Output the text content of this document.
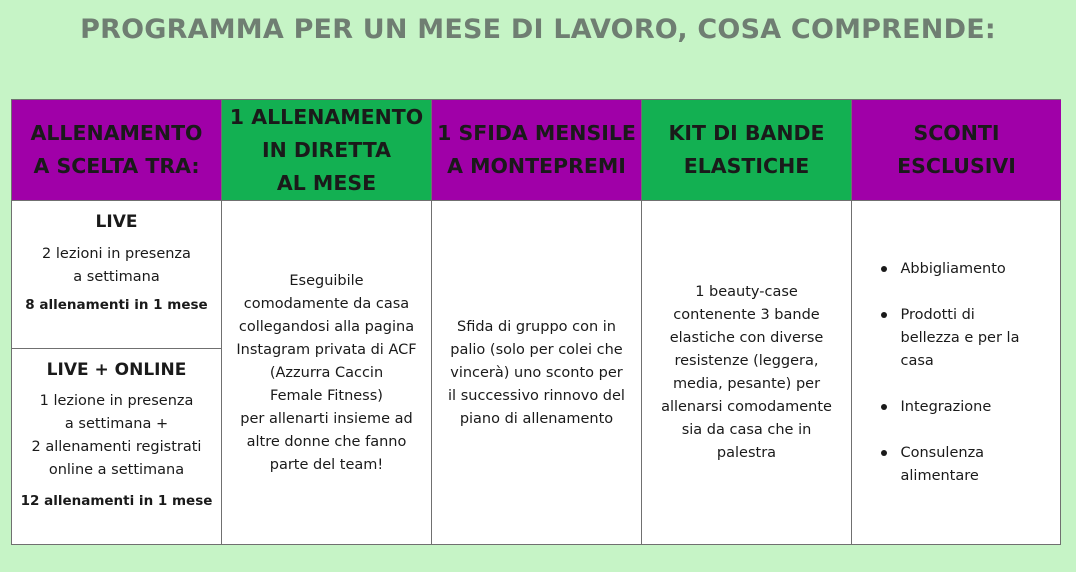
PROGRAMMA PER UN MESE DI LAVORO, COSA COMPRENDE:
ALLENAMENTO
A SCELTA TRA:
1 ALLENAMENTO
IN DIRETTA
AL MESE
1 SFIDA MENSILE
A MONTEPREMI
KIT DI BANDE
ELASTICHE
SCONTI
ESCLUSIVI
LIVE
2 lezioni in presenza
a settimana
8 allenamenti in 1 mese
LIVE + ONLINE
1 lezione in presenza
a settimana +
2 allenamenti registrati
online a settimana
12 allenamenti in 1 mese
Eseguibile
comodamente da casa
collegandosi alla pagina
Instagram privata di ACF
(Azzurra Caccin
Female Fitness)
per allenarti insieme ad
altre donne che fanno
parte del team!
Sfida di gruppo con in
palio (solo per colei che
vincerà) uno sconto per
il successivo rinnovo del
piano di allenamento
1 beauty-case
contenente 3 bande
elastiche con diverse
resistenze (leggera,
media, pesante) per
allenarsi comodamente
sia da casa che in
palestra

Abbigliamento

Prodotti di bellezza e per la casa

Integrazione

Consulenza alimentare
